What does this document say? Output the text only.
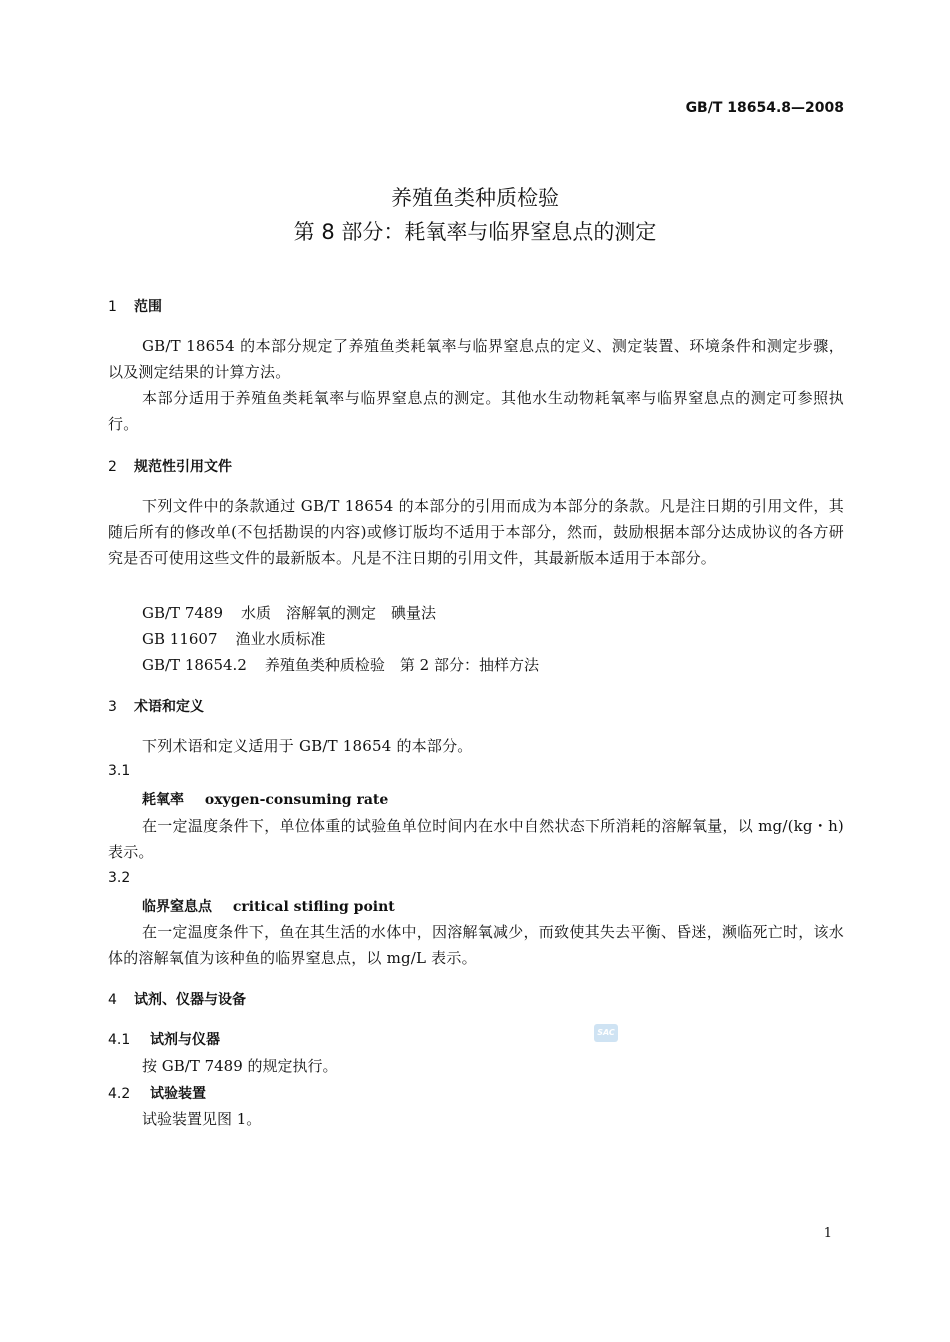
GB/T 18654.8—2008
养殖鱼类种质检验
第 8 部分：耗氧率与临界窒息点的测定
1 范围
GB/T 18654 的本部分规定了养殖鱼类耗氧率与临界窒息点的定义、测定装置、环境条件和测定步骤，以及测定结果的计算方法。
本部分适用于养殖鱼类耗氧率与临界窒息点的测定。其他水生动物耗氧率与临界窒息点的测定可参照执行。
2 规范性引用文件
下列文件中的条款通过 GB/T 18654 的本部分的引用而成为本部分的条款。凡是注日期的引用文件，其随后所有的修改单(不包括勘误的内容)或修订版均不适用于本部分，然而，鼓励根据本部分达成协议的各方研究是否可使用这些文件的最新版本。凡是不注日期的引用文件，其最新版本适用于本部分。
GB/T 7489 水质　溶解氧的测定　碘量法
GB 11607 渔业水质标准
GB/T 18654.2 养殖鱼类种质检验　第 2 部分：抽样方法
3 术语和定义
下列术语和定义适用于 GB/T 18654 的本部分。
3.1
耗氧率 oxygen-consuming rate
在一定温度条件下，单位体重的试验鱼单位时间内在水中自然状态下所消耗的溶解氧量，以 mg/(kg・h)表示。
3.2
临界窒息点 critical stifling point
在一定温度条件下，鱼在其生活的水体中，因溶解氧减少，而致使其失去平衡、昏迷，濒临死亡时，该水体的溶解氧值为该种鱼的临界窒息点，以 mg/L 表示。
4 试剂、仪器与设备
4.1 试剂与仪器
按 GB/T 7489 的规定执行。
4.2 试验装置
试验装置见图 1。
SAC
1
